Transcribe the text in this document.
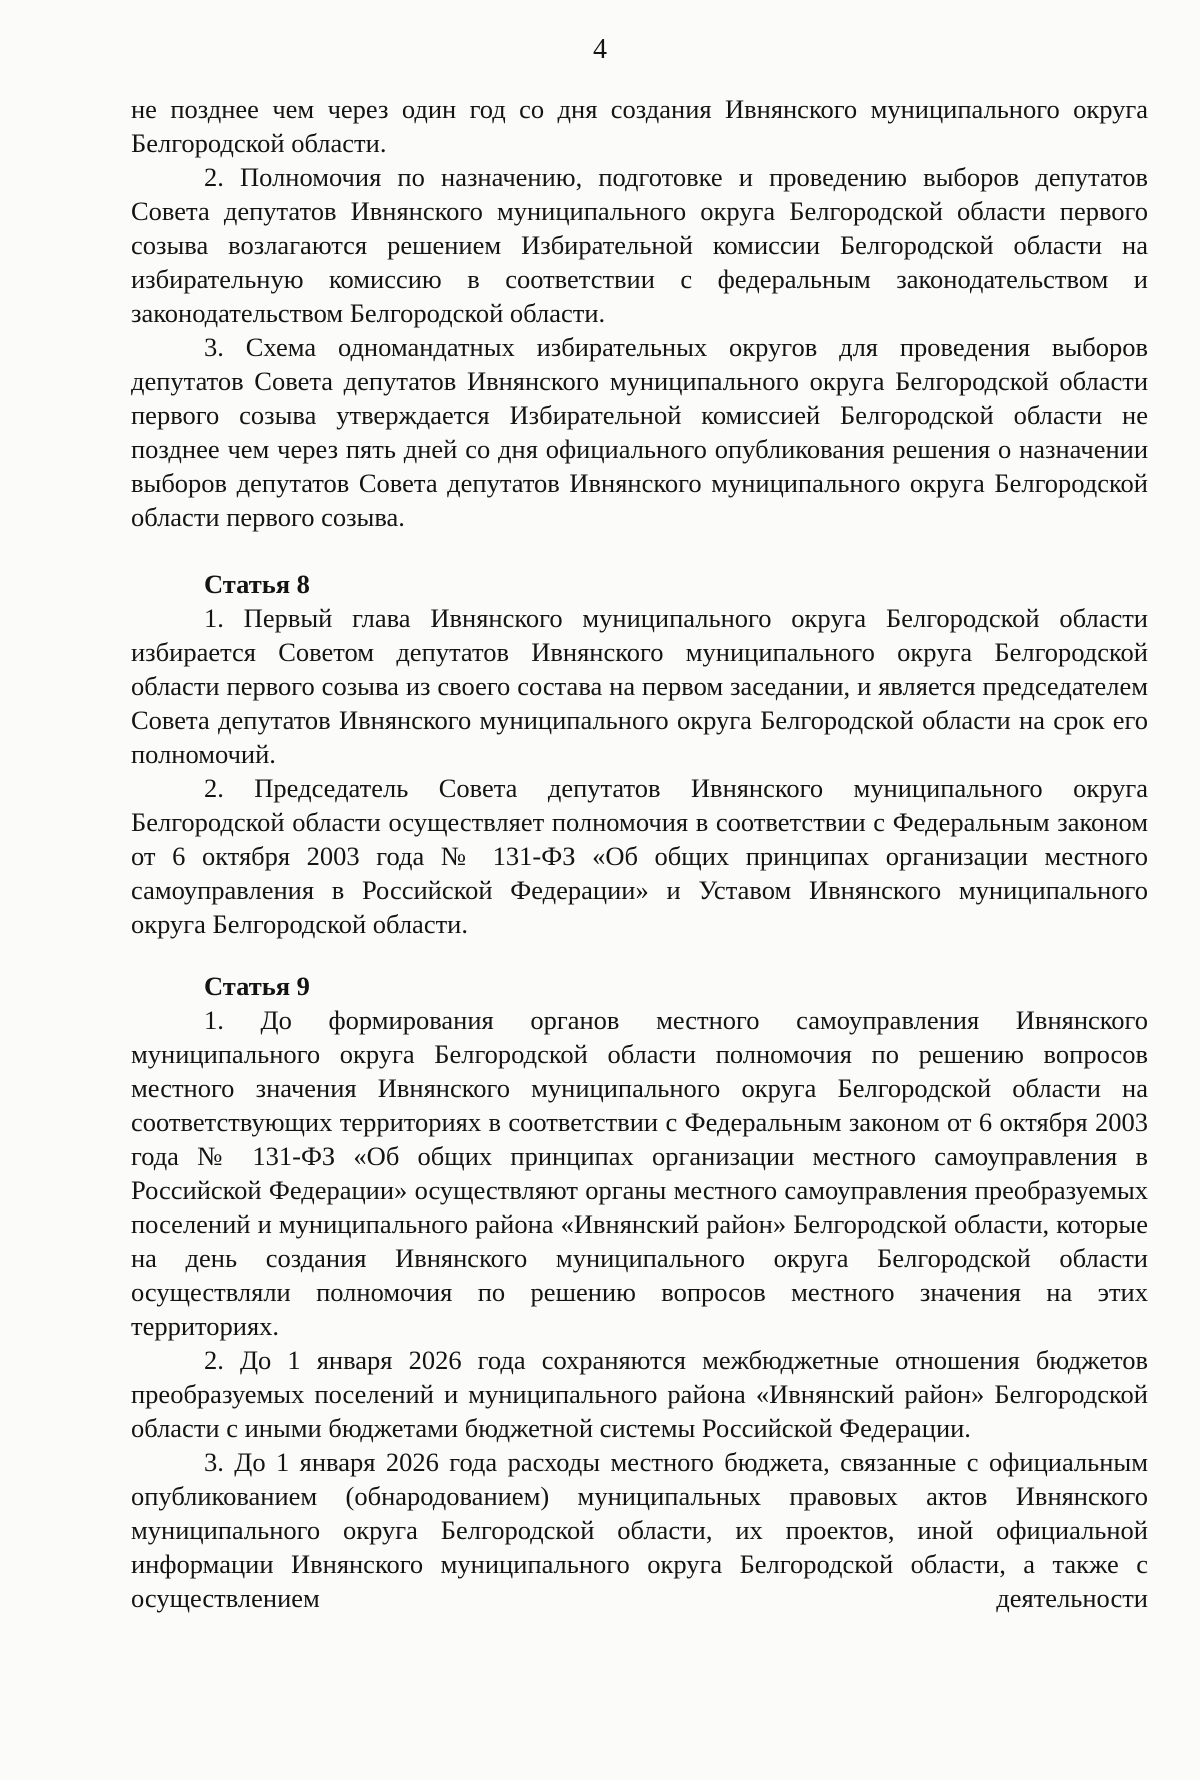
4

не позднее чем через один год со дня создания Ивнянского муниципального округа Белгородской области.

2. Полномочия по назначению, подготовке и проведению выборов депутатов Совета депутатов Ивнянского муниципального округа Белгородской области первого созыва возлагаются решением Избирательной комиссии Белгородской области на избирательную комиссию в соответствии с федеральным законодательством и законодательством Белгородской области.

3. Схема одномандатных избирательных округов для проведения выборов депутатов Совета депутатов Ивнянского муниципального округа Белгородской области первого созыва утверждается Избирательной комиссией Белгородской области не позднее чем через пять дней со дня официального опубликования решения о назначении выборов депутатов Совета депутатов Ивнянского муниципального округа Белгородской области первого созыва.

Статья 8

1. Первый глава Ивнянского муниципального округа Белгородской области избирается Советом депутатов Ивнянского муниципального округа Белгородской области первого созыва из своего состава на первом заседании, и является председателем Совета депутатов Ивнянского муниципального округа Белгородской области на срок его полномочий.

2. Председатель Совета депутатов Ивнянского муниципального округа Белгородской области осуществляет полномочия в соответствии с Федеральным законом от 6 октября 2003 года № 131-ФЗ «Об общих принципах организации местного самоуправления в Российской Федерации» и Уставом Ивнянского муниципального округа Белгородской области.

Статья 9

1. До формирования органов местного самоуправления Ивнянского муниципального округа Белгородской области полномочия по решению вопросов местного значения Ивнянского муниципального округа Белгородской области на соответствующих территориях в соответствии с Федеральным законом от 6 октября 2003 года № 131-ФЗ «Об общих принципах организации местного самоуправления в Российской Федерации» осуществляют органы местного самоуправления преобразуемых поселений и муниципального района «Ивнянский район» Белгородской области, которые на день создания Ивнянского муниципального округа Белгородской области осуществляли полномочия по решению вопросов местного значения на этих территориях.

2. До 1 января 2026 года сохраняются межбюджетные отношения бюджетов преобразуемых поселений и муниципального района «Ивнянский район» Белгородской области с иными бюджетами бюджетной системы Российской Федерации.

3. До 1 января 2026 года расходы местного бюджета, связанные с официальным опубликованием (обнародованием) муниципальных правовых актов Ивнянского муниципального округа Белгородской области, их проектов, иной официальной информации Ивнянского муниципального округа Белгородской области, а также с осуществлением деятельности
